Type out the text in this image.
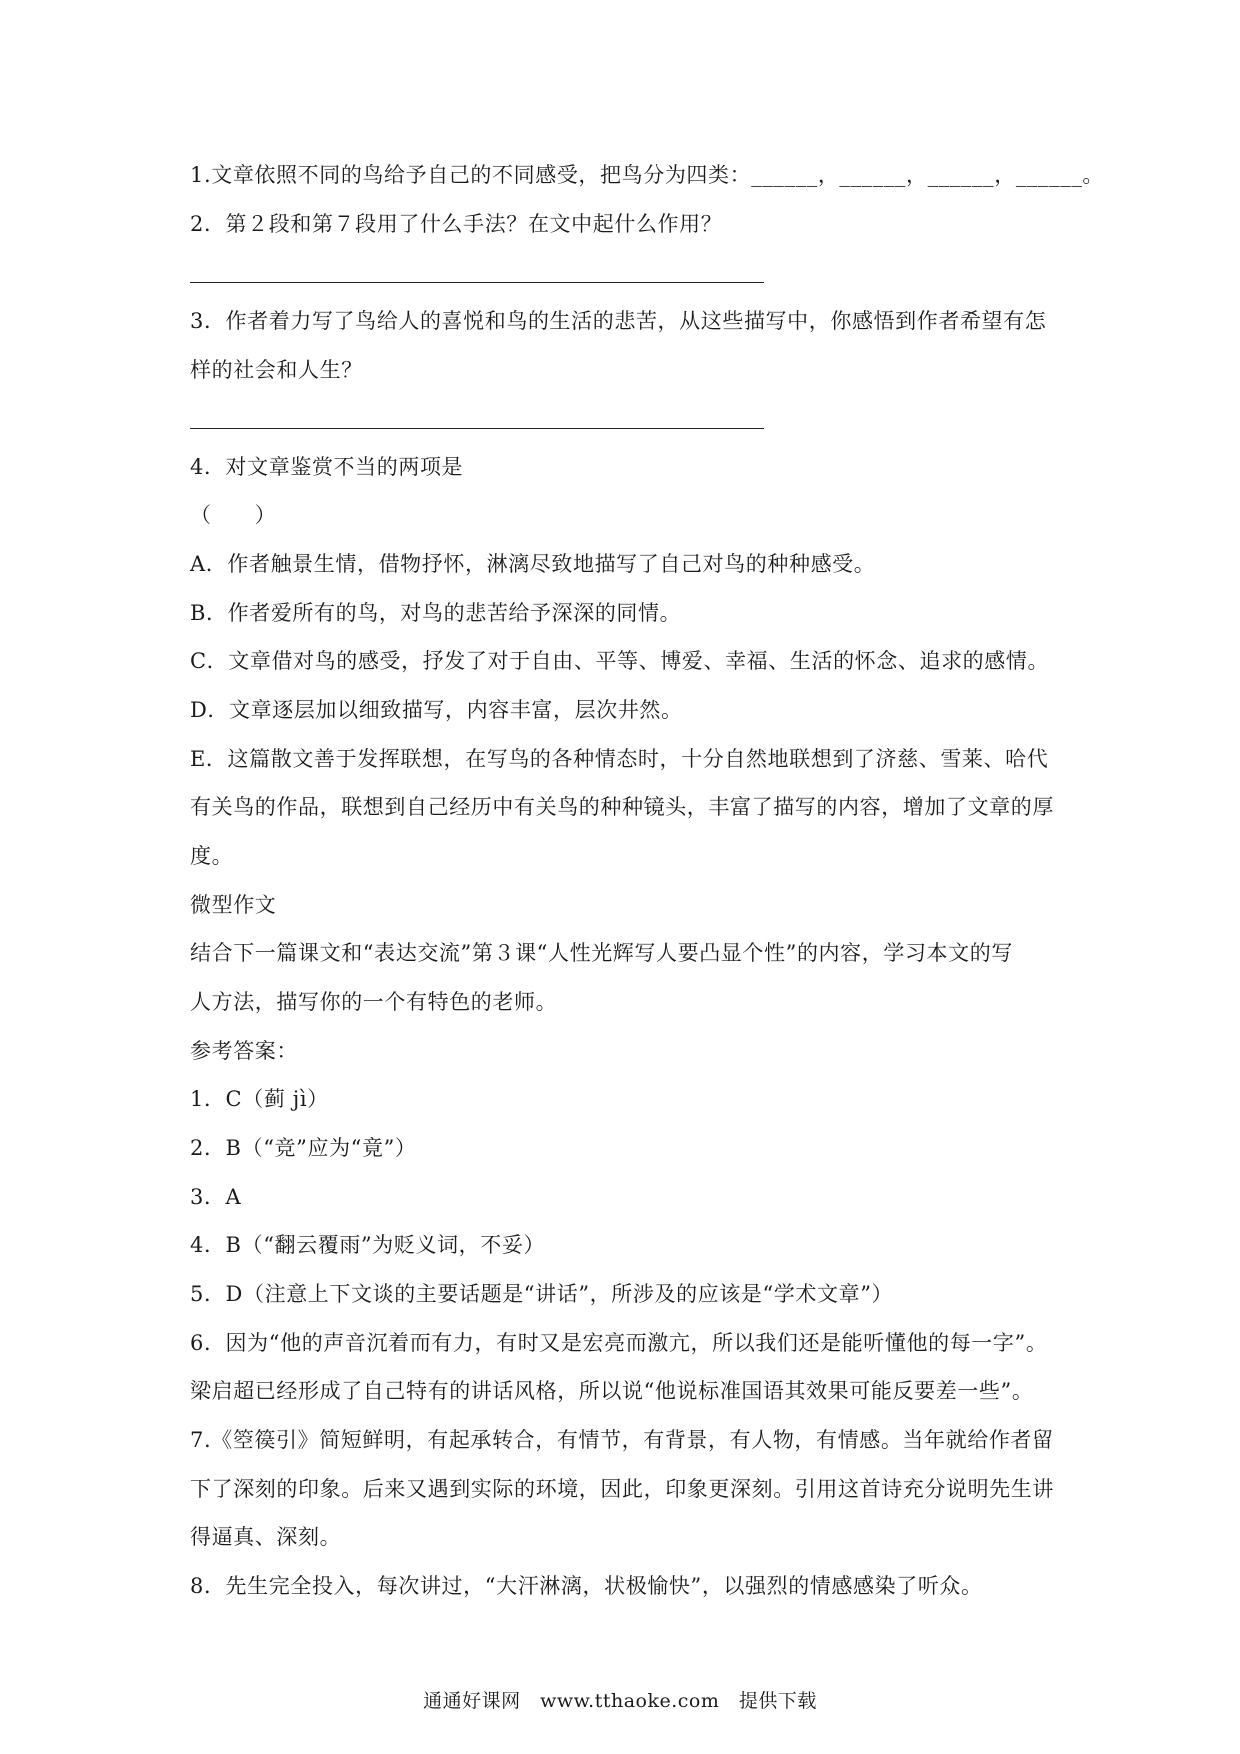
1.文章依照不同的鸟给予自己的不同感受，把鸟分为四类：______，______，______，______。
2．第２段和第７段用了什么手法？在文中起什么作用？
3．作者着力写了鸟给人的喜悦和鸟的生活的悲苦，从这些描写中，你感悟到作者希望有怎
样的社会和人生？
4．对文章鉴赏不当的两项是
（　　）
A．作者触景生情，借物抒怀，淋漓尽致地描写了自己对鸟的种种感受。
B．作者爱所有的鸟，对鸟的悲苦给予深深的同情。
C．文章借对鸟的感受，抒发了对于自由、平等、博爱、幸福、生活的怀念、追求的感情。
D．文章逐层加以细致描写，内容丰富，层次井然。
E．这篇散文善于发挥联想，在写鸟的各种情态时，十分自然地联想到了济慈、雪莱、哈代
有关鸟的作品，联想到自己经历中有关鸟的种种镜头，丰富了描写的内容，增加了文章的厚
度。
微型作文
结合下一篇课文和“表达交流”第３课“人性光辉写人要凸显个性”的内容，学习本文的写
人方法，描写你的一个有特色的老师。
参考答案：
1．C（蓟 jì）
2．B（“竞”应为“竟”）
3．A
4．B（“翻云覆雨”为贬义词，不妥）
5．D（注意上下文谈的主要话题是“讲话”，所涉及的应该是“学术文章”）
6．因为“他的声音沉着而有力，有时又是宏亮而激亢，所以我们还是能听懂他的每一字”。
梁启超已经形成了自己特有的讲话风格，所以说“他说标准国语其效果可能反要差一些”。
7.《箜篌引》简短鲜明，有起承转合，有情节，有背景，有人物，有情感。当年就给作者留
下了深刻的印象。后来又遇到实际的环境，因此，印象更深刻。引用这首诗充分说明先生讲
得逼真、深刻。
8．先生完全投入，每次讲过，“大汗淋漓，状极愉快”，以强烈的情感感染了听众。
通通好课网　www.tthaoke.com　提供下载
